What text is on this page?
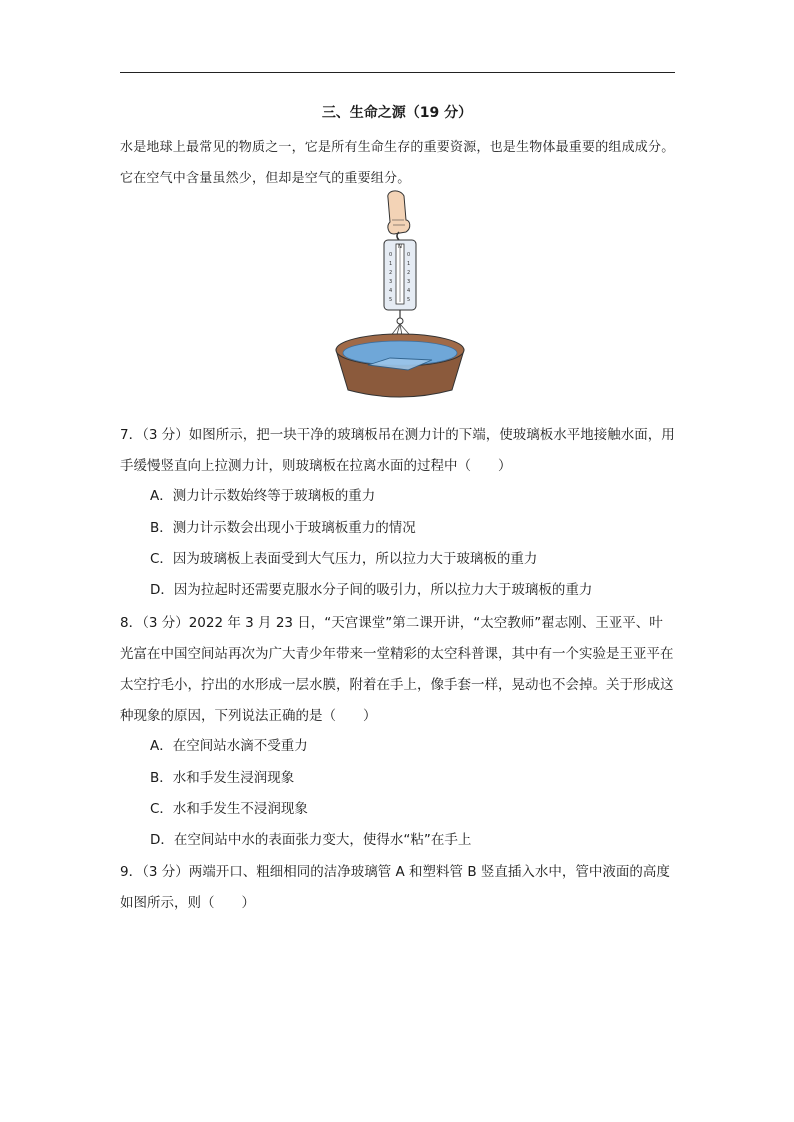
三、生命之源（19 分）
水是地球上最常见的物质之一，它是所有生命生存的重要资源，也是生物体最重要的组成成分。它在空气中含量虽然少，但却是空气的重要组分。
N
0
1
2
3
4
5
0
1
2
3
4
5
7．（3 分）如图所示，把一块干净的玻璃板吊在测力计的下端，使玻璃板水平地接触水面，用手缓慢竖直向上拉测力计，则玻璃板在拉离水面的过程中（　　）
A．测力计示数始终等于玻璃板的重力
B．测力计示数会出现小于玻璃板重力的情况
C．因为玻璃板上表面受到大气压力，所以拉力大于玻璃板的重力
D．因为拉起时还需要克服水分子间的吸引力，所以拉力大于玻璃板的重力
8．（3 分）2022 年 3 月 23 日，“天宫课堂”第二课开讲，“太空教师”翟志刚、王亚平、叶光富在中国空间站再次为广大青少年带来一堂精彩的太空科普课，其中有一个实验是王亚平在太空拧毛小，拧出的水形成一层水膜，附着在手上，像手套一样，晃动也不会掉。关于形成这种现象的原因，下列说法正确的是（　　）
A．在空间站水滴不受重力
B．水和手发生浸润现象
C．水和手发生不浸润现象
D．在空间站中水的表面张力变大，使得水“粘”在手上
9．（3 分）两端开口、粗细相同的洁净玻璃管 A 和塑料管 B 竖直插入水中，管中液面的高度如图所示，则（　　）
